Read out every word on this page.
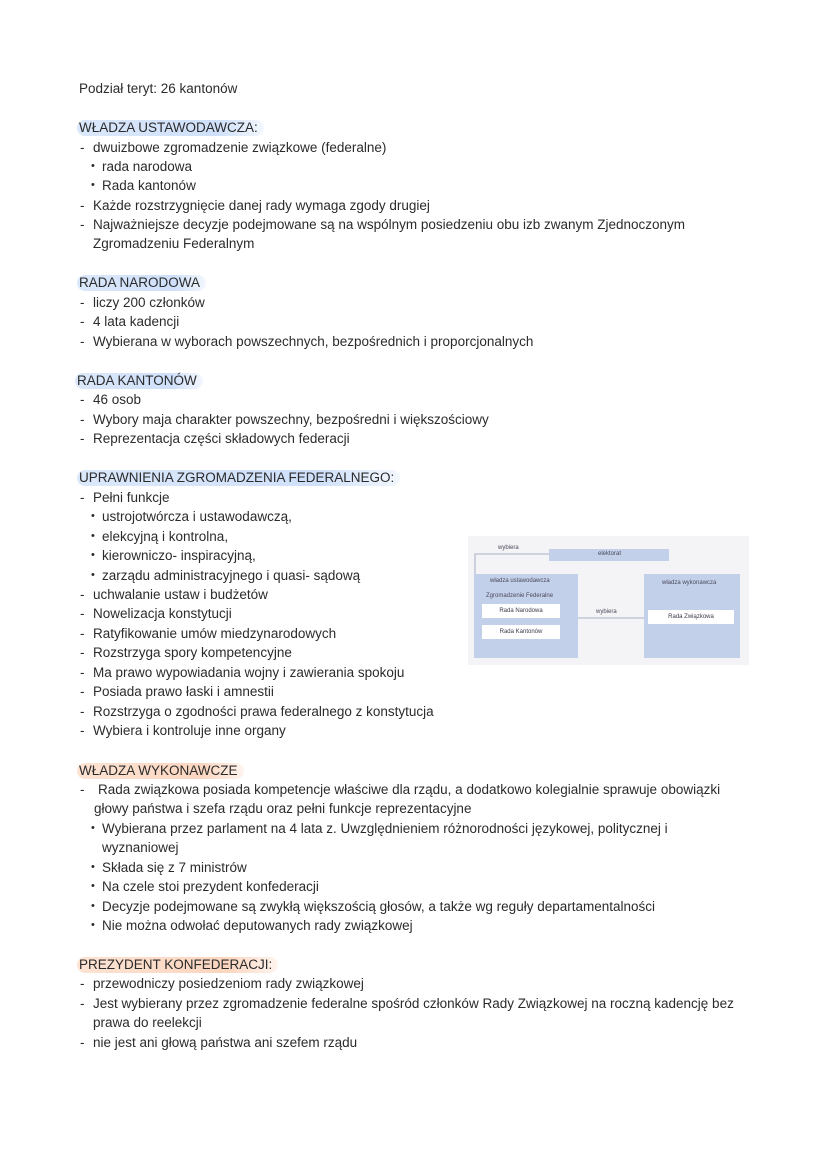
Podział teryt: 26 kantonów
WŁADZA USTAWODAWCZA:
- dwuizbowe zgromadzenie związkowe (federalne)
• rada narodowa
• Rada kantonów
- Każde rozstrzygnięcie danej rady wymaga zgody drugiej
- Najważniejsze decyzje podejmowane są na wspólnym posiedzeniu obu izb zwanym Zjednoczonym
Zgromadzeniu Federalnym
RADA NARODOWA
- liczy 200 członków
- 4 lata kadencji
- Wybierana w wyborach powszechnych, bezpośrednich i proporcjonalnych
RADA KANTONÓW
- 46 osob
- Wybory maja charakter powszechny, bezpośredni i większościowy
- Reprezentacja części składowych federacji
UPRAWNIENIA ZGROMADZENIA FEDERALNEGO:
- Pełni funkcje
• ustrojotwórcza i ustawodawczą,
• elekcyjną i kontrolna,
• kierowniczo- inspiracyjną,
• zarządu administracyjnego i quasi- sądową
- uchwalanie ustaw i budżetów
- Nowelizacja konstytucji
- Ratyfikowanie umów miedzynarodowych
- Rozstrzyga spory kompetencyjne
- Ma prawo wypowiadania wojny i zawierania spokoju
- Posiada prawo łaski i amnestii
- Rozstrzyga o zgodności prawa federalnego z konstytucja
- Wybiera i kontroluje inne organy
elektorat
wybiera
władza ustawodawcza
Zgromadzenie Federalne
Rada Narodowa
Rada Kantonów
wybiera
władza wykonawcza
Rada Związkowa
WŁADZA WYKONAWCZE
- Rada związkowa posiada kompetencje właściwe dla rządu, a dodatkowo kolegialnie sprawuje obowiązki
głowy państwa i szefa rządu oraz pełni funkcje reprezentacyjne
• Wybierana przez parlament na 4 lata z. Uwzględnieniem różnorodności językowej, politycznej i
wyznaniowej
• Składa się z 7 ministrów
• Na czele stoi prezydent konfederacji
• Decyzje podejmowane są zwykłą większością głosów, a także wg reguły departamentalności
• Nie można odwołać deputowanych rady związkowej
PREZYDENT KONFEDERACJI:
- przewodniczy posiedzeniom rady związkowej
- Jest wybierany przez zgromadzenie federalne spośród członków Rady Związkowej na roczną kadencję bez
prawa do reelekcji
- nie jest ani głową państwa ani szefem rządu
